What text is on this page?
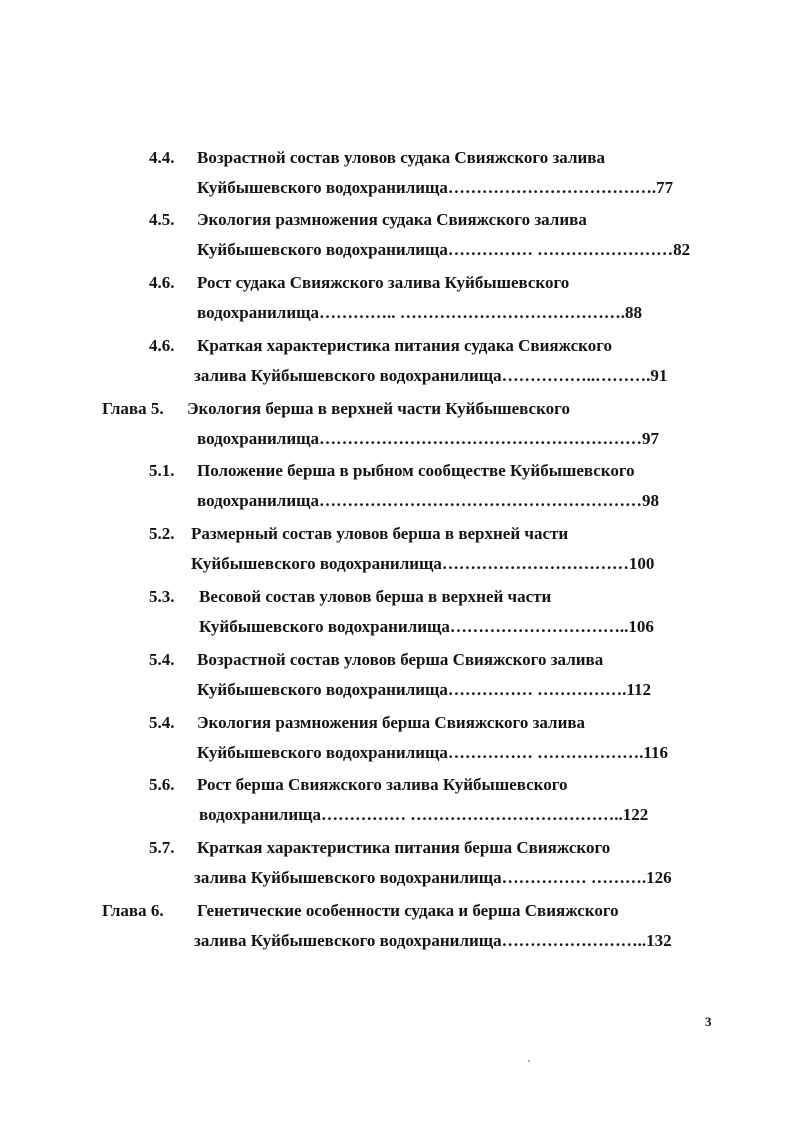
4.4. Возрастной состав уловов судака Свияжского залива
Куйбышевского водохранилища……………………………….77
4.5. Экология размножения судака Свияжского залива
Куйбышевского водохранилища…………… ……………………82
4.6. Рост судака Свияжского залива Куйбышевского
водохранилища………….. ………………………………….88
4.6. Краткая характеристика питания судака Свияжского
залива Куйбышевского водохранилища……………..……….91
Глава 5. Экология берша в верхней части Куйбышевского
водохранилища…………………………………………………97
5.1. Положение берша в рыбном сообществе Куйбышевского
водохранилища…………………………………………………98
5.2. Размерный состав уловов берша в верхней части
Куйбышевского водохранилища……………………………100
5.3. Весовой состав уловов берша в верхней части
Куйбышевского водохранилища…………………………..106
5.4. Возрастной состав уловов берша Свияжского залива
Куйбышевского водохранилища…………… …………….112
5.4. Экология размножения берша Свияжского залива
Куйбышевского водохранилища…………… ……………….116
5.6. Рост берша Свияжского залива Куйбышевского
водохранилища…………… ………………………………..122
5.7. Краткая характеристика питания берша Свияжского
залива Куйбышевского водохранилища…………… ……….126
Глава 6. Генетические особенности судака и берша Свияжского
залива Куйбышевского водохранилища……………………..132
3
